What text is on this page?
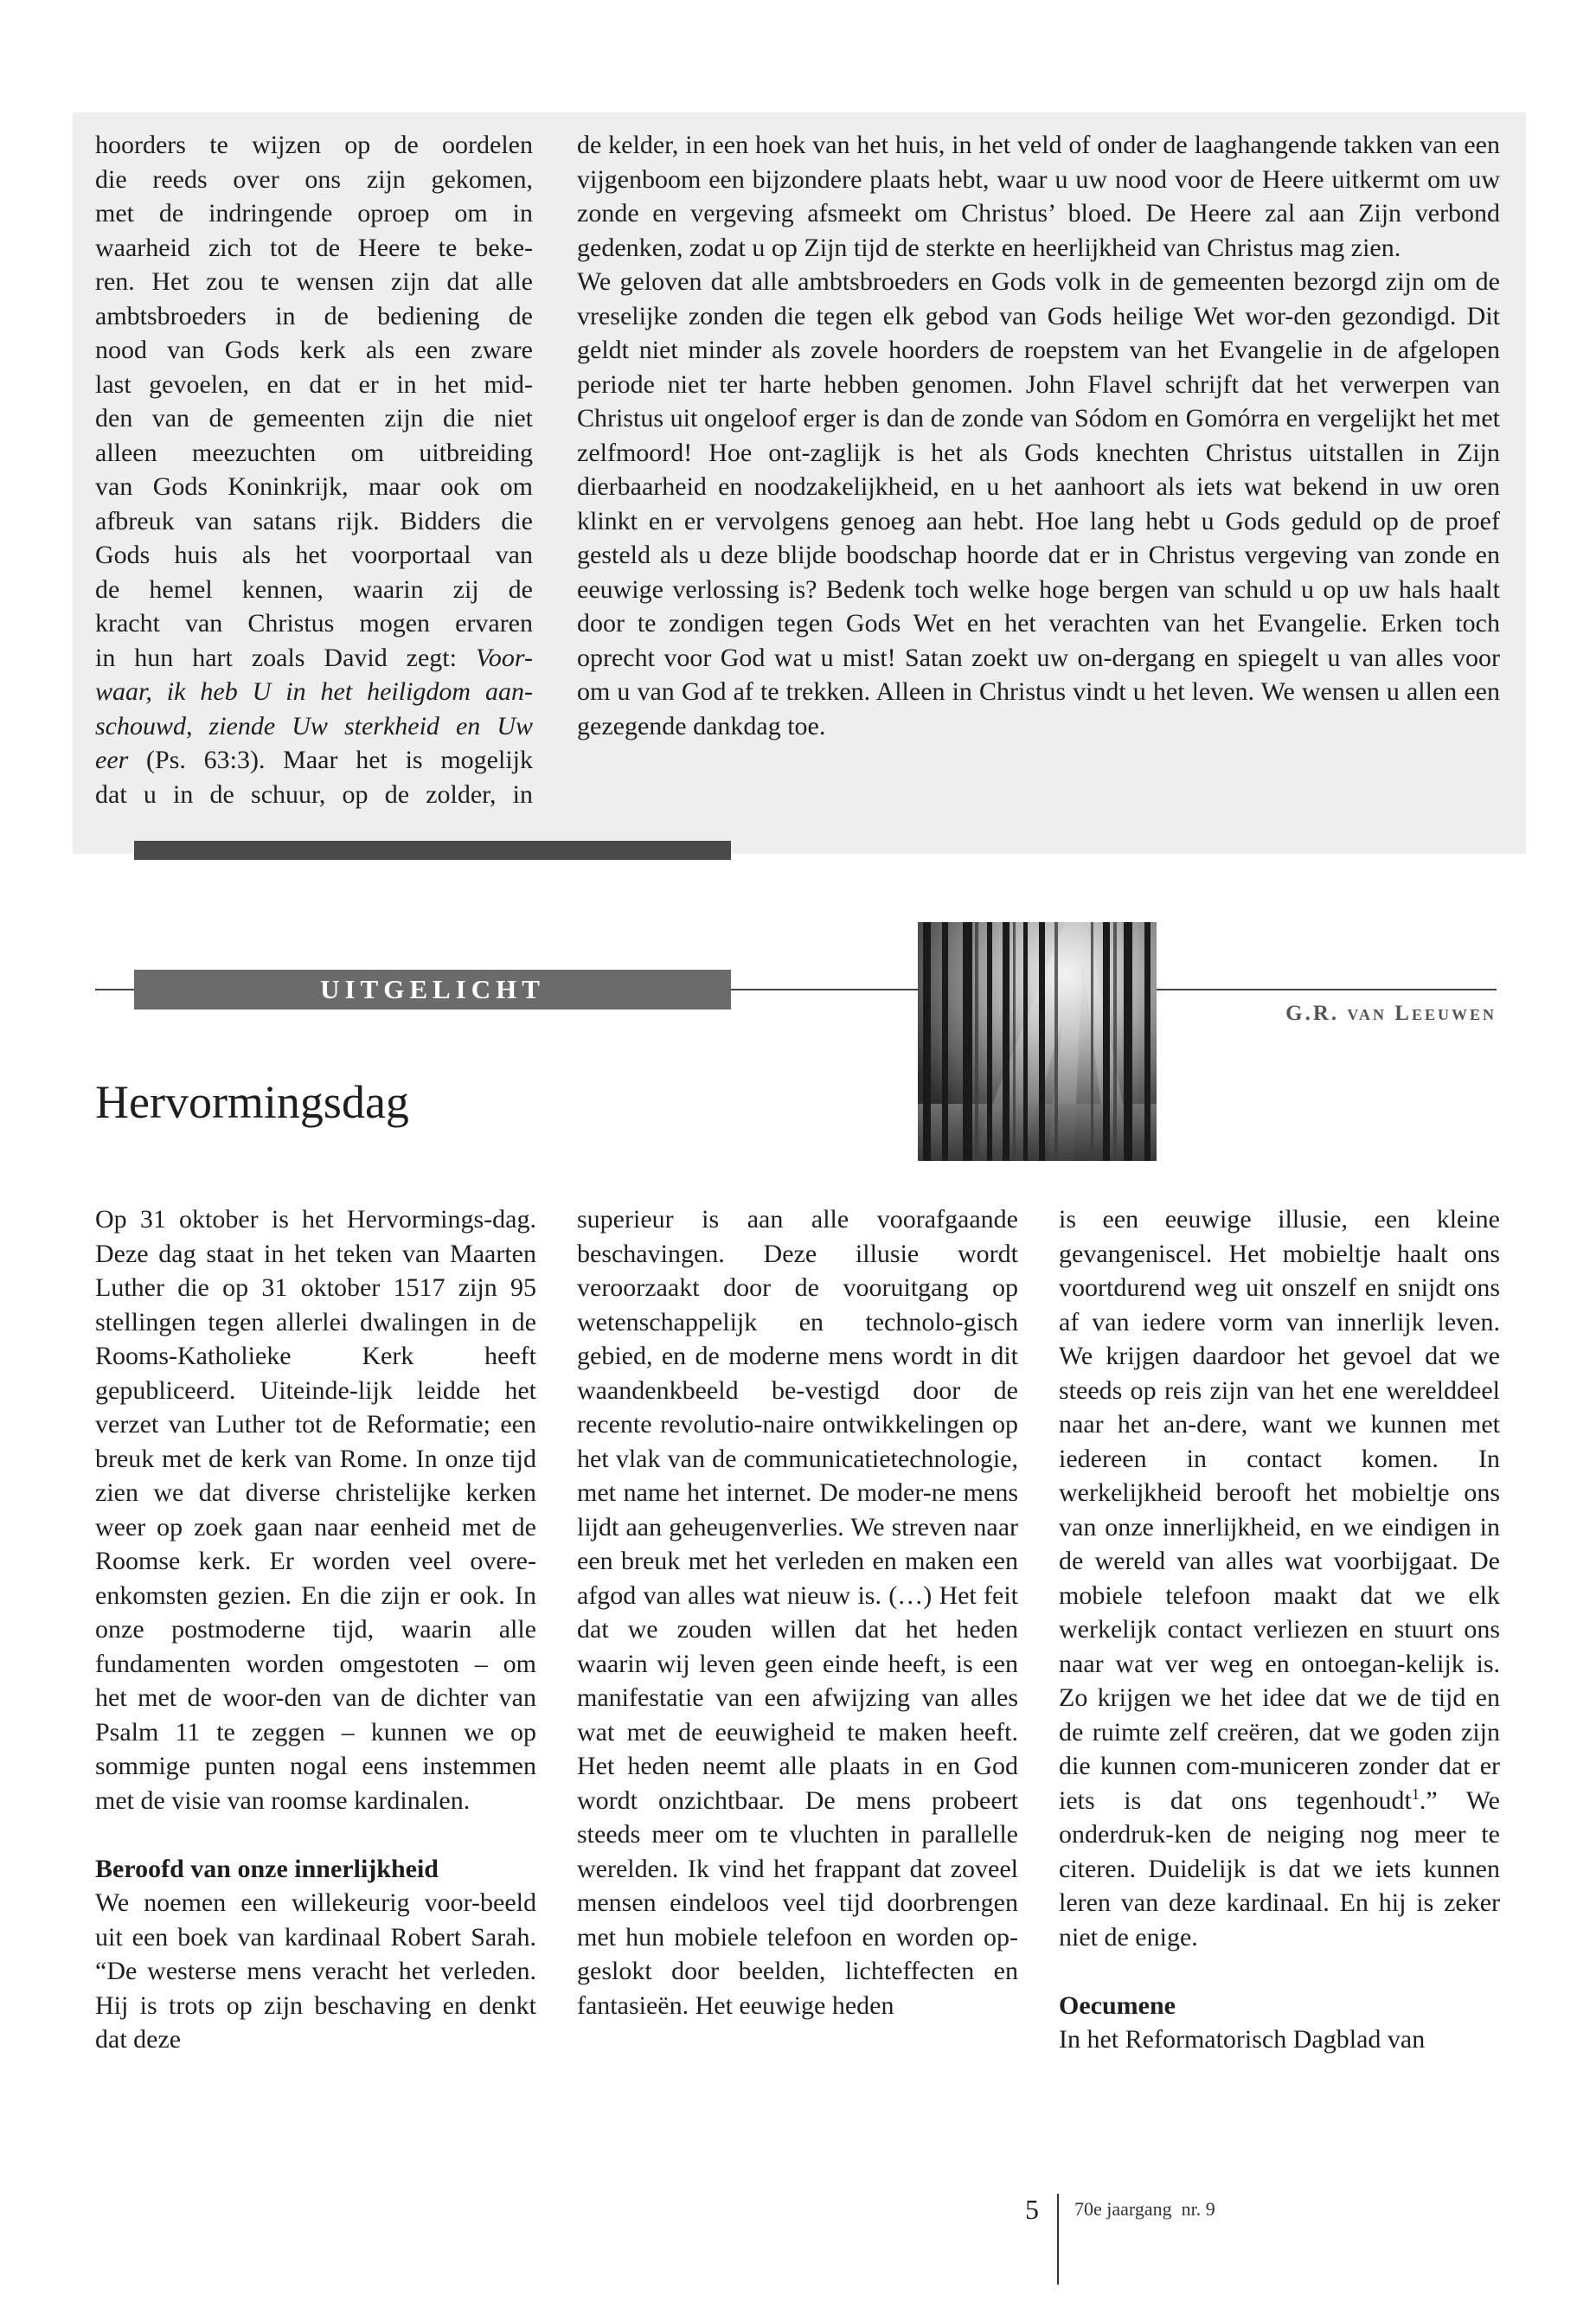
hoorders te wijzen op de oordelen
die reeds over ons zijn gekomen,
met de indringende oproep om in
waarheid zich tot de Heere te beke-
ren. Het zou te wensen zijn dat alle
ambtsbroeders in de bediening de
nood van Gods kerk als een zware
last gevoelen, en dat er in het mid-
den van de gemeenten zijn die niet
alleen meezuchten om uitbreiding
van Gods Koninkrijk, maar ook om
afbreuk van satans rijk. Bidders die
Gods huis als het voorportaal van
de hemel kennen, waarin zij de
kracht van Christus mogen ervaren
in hun hart zoals David zegt: Voor-
waar, ik heb U in het heiligdom aan-
schouwd, ziende Uw sterkheid en Uw
eer (Ps. 63:3). Maar het is mogelijk
dat u in de schuur, op de zolder, in

de kelder, in een hoek van het huis, in het veld of onder de laaghangende takken van een vijgenboom een bijzondere plaats hebt, waar u uw nood voor de Heere uitkermt om uw zonde en vergeving afsmeekt om Christus’ bloed. De Heere zal aan Zijn verbond gedenken, zodat u op Zijn tijd de sterkte en heerlijkheid van Christus mag zien.

We geloven dat alle ambtsbroeders en Gods volk in de gemeenten bezorgd zijn om de vreselijke zonden die tegen elk gebod van Gods heilige Wet wor-den gezondigd. Dit geldt niet minder als zovele hoorders de roepstem van het Evangelie in de afgelopen periode niet ter harte hebben genomen. John Flavel schrijft dat het verwerpen van Christus uit ongeloof erger is dan de zonde van Sódom en Gomórra en vergelijkt het met zelfmoord! Hoe ont-zaglijk is het als Gods knechten Christus uitstallen in Zijn dierbaarheid en noodzakelijkheid, en u het aanhoort als iets wat bekend in uw oren klinkt en er vervolgens genoeg aan hebt. Hoe lang hebt u Gods geduld op de proef gesteld als u deze blijde boodschap hoorde dat er in Christus vergeving van zonde en eeuwige verlossing is? Bedenk toch welke hoge bergen van schuld u op uw hals haalt door te zondigen tegen Gods Wet en het verachten van het Evangelie. Erken toch oprecht voor God wat u mist! Satan zoekt uw on-dergang en spiegelt u van alles voor om u van God af te trekken. Alleen in Christus vindt u het leven. We wensen u allen een gezegende dankdag toe.

UITGELICHT
G.R. van Leeuwen
Hervormingsdag

Op 31 oktober is het Hervormings-dag. Deze dag staat in het teken van Maarten Luther die op 31 oktober 1517 zijn 95 stellingen tegen allerlei dwalingen in de Rooms-Katholieke Kerk heeft gepubliceerd. Uiteinde-lijk leidde het verzet van Luther tot de Reformatie; een breuk met de kerk van Rome. In onze tijd zien we dat diverse christelijke kerken weer op zoek gaan naar eenheid met de Roomse kerk. Er worden veel overe-enkomsten gezien. En die zijn er ook. In onze postmoderne tijd, waarin alle fundamenten worden omgestoten – om het met de woor-den van de dichter van Psalm 11 te zeggen – kunnen we op sommige punten nogal eens instemmen met de visie van roomse kardinalen.

Beroofd van onze innerlijkheid

We noemen een willekeurig voor-beeld uit een boek van kardinaal Robert Sarah. “De westerse mens veracht het verleden. Hij is trots op zijn beschaving en denkt dat deze

superieur is aan alle voorafgaande beschavingen. Deze illusie wordt veroorzaakt door de vooruitgang op wetenschappelijk en technolo-gisch gebied, en de moderne mens wordt in dit waandenkbeeld be-vestigd door de recente revolutio-naire ontwikkelingen op het vlak van de communicatietechnologie, met name het internet. De moder-ne mens lijdt aan geheugenverlies. We streven naar een breuk met het verleden en maken een afgod van alles wat nieuw is. (…) Het feit dat we zouden willen dat het heden waarin wij leven geen einde heeft, is een manifestatie van een afwijzing van alles wat met de eeuwigheid te maken heeft. Het heden neemt alle plaats in en God wordt onzichtbaar. De mens probeert steeds meer om te vluchten in parallelle werelden. Ik vind het frappant dat zoveel mensen eindeloos veel tijd doorbrengen met hun mobiele telefoon en worden op-geslokt door beelden, lichteffecten en fantasieën. Het eeuwige heden

is een eeuwige illusie, een kleine gevangeniscel. Het mobieltje haalt ons voortdurend weg uit onszelf en snijdt ons af van iedere vorm van innerlijk leven. We krijgen daardoor het gevoel dat we steeds op reis zijn van het ene werelddeel naar het an-dere, want we kunnen met iedereen in contact komen. In werkelijkheid berooft het mobieltje ons van onze innerlijkheid, en we eindigen in de wereld van alles wat voorbijgaat. De mobiele telefoon maakt dat we elk werkelijk contact verliezen en stuurt ons naar wat ver weg en ontoegan-kelijk is. Zo krijgen we het idee dat we de tijd en de ruimte zelf creëren, dat we goden zijn die kunnen com-municeren zonder dat er iets is dat ons tegenhoudt$^1$.” We onderdruk-ken de neiging nog meer te citeren. Duidelijk is dat we iets kunnen leren van deze kardinaal. En hij is zeker niet de enige.

Oecumene

In het Reformatorisch Dagblad van

5 70e jaargang  nr. 9
